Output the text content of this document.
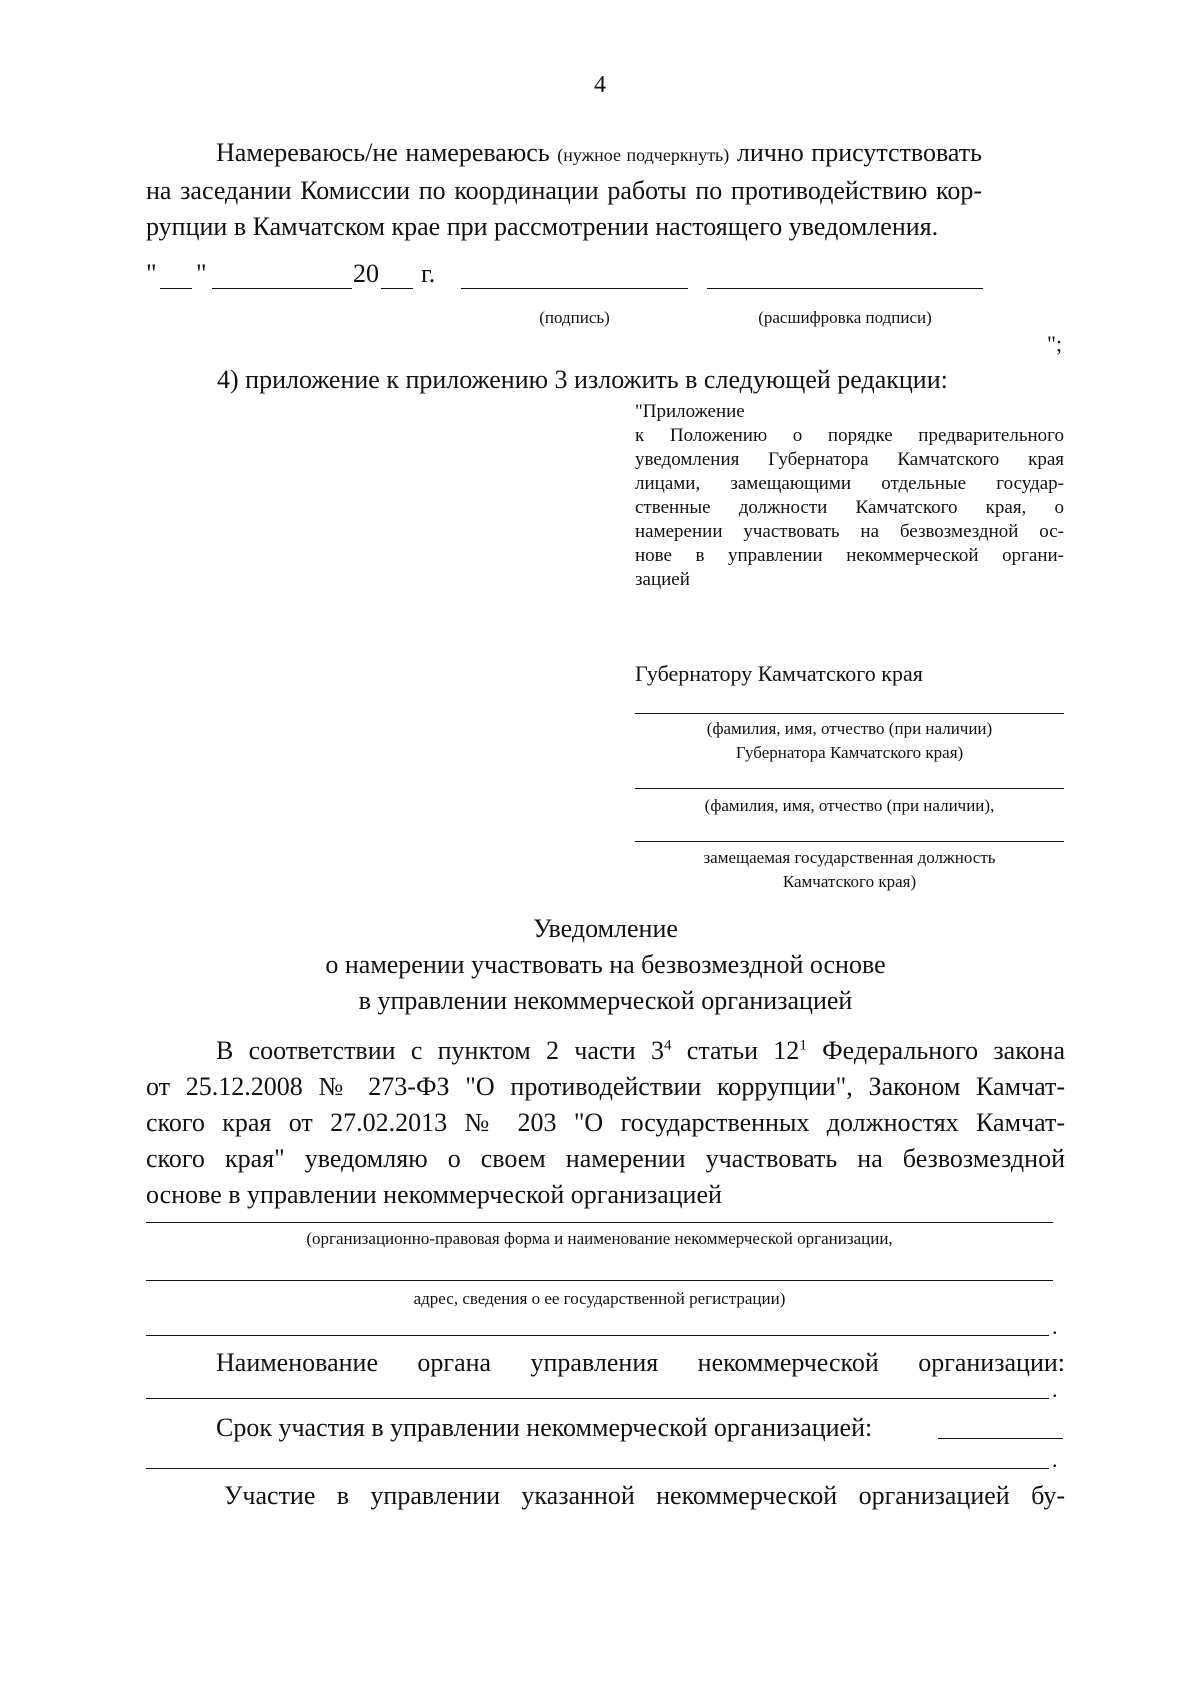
4
Намереваюсь/не намереваюсь (нужное подчеркнуть) лично присутствовать
на заседании Комиссии по координации работы по противодействию кор-
рупции в Камчатском крае при рассмотрении настоящего уведомления.
" "	20 г.
(подпись)	(расшифровка подписи)
";
4) приложение к приложению 3 изложить в следующей редакции:
"Приложение
к Положению о порядке предварительного
уведомления Губернатора Камчатского края
лицами, замещающими отдельные государ-
ственные должности Камчатского края, о
намерении участвовать на безвозмездной ос-
нове в управлении некоммерческой органи-
зацией
Губернатору Камчатского края
(фамилия, имя, отчество (при наличии)
Губернатора Камчатского края)
(фамилия, имя, отчество (при наличии),
замещаемая государственная должность
Камчатского края)
Уведомление
о намерении участвовать на безвозмездной основе
в управлении некоммерческой организацией
В соответствии с пунктом 2 части $3^4$ статьи $12^1$ Федерального закона
от 25.12.2008 № 273-ФЗ "О противодействии коррупции", Законом Камчат-
ского края от 27.02.2013 № 203 "О государственных должностях Камчат-
ского края" уведомляю о своем намерении участвовать на безвозмездной
основе в управлении некоммерческой организацией
(организационно-правовая форма и наименование некоммерческой организации,
адрес, сведения о ее государственной регистрации)
.
Наименование органа управления некоммерческой организации:
.
Срок участия в управлении некоммерческой организацией:
.
Участие в управлении указанной некоммерческой организацией бу-
